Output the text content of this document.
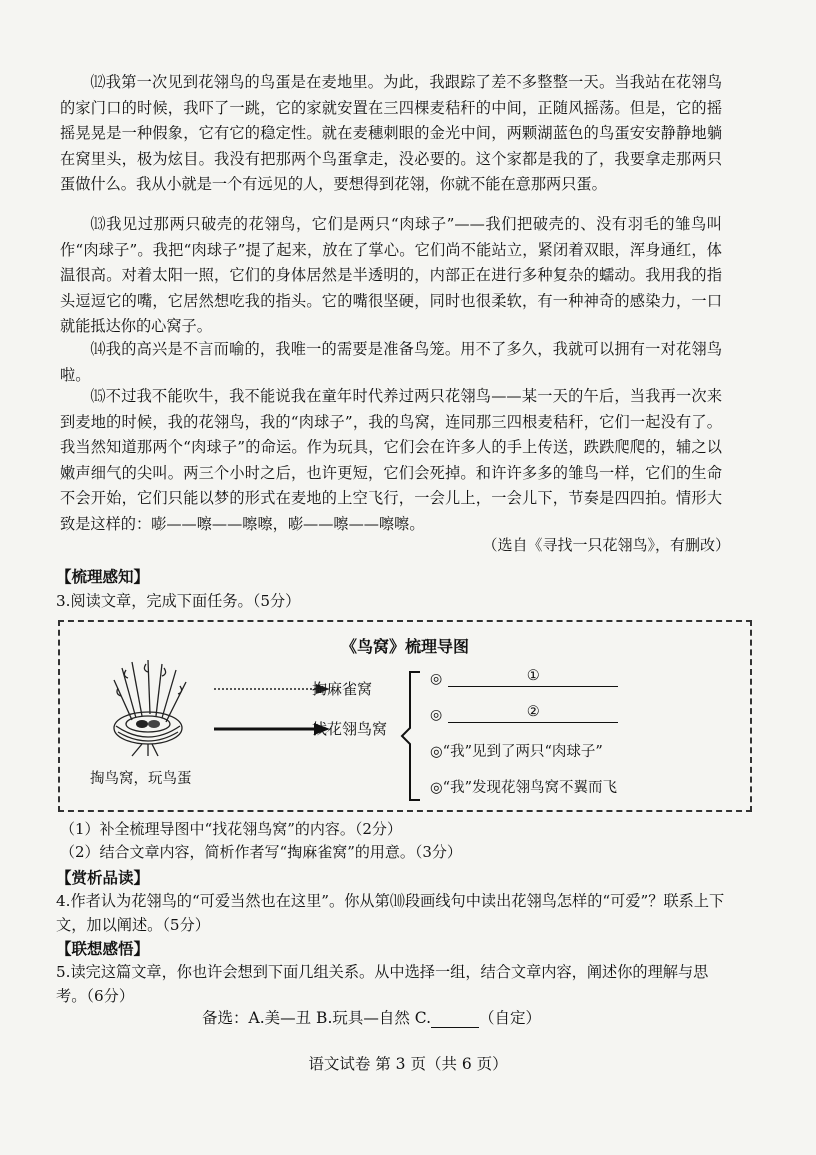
⑿我第一次见到花翎鸟的鸟蛋是在麦地里。为此，我跟踪了差不多整整一天。当我站在花翎鸟的家门口的时候，我吓了一跳，它的家就安置在三四棵麦秸秆的中间，正随风摇荡。但是，它的摇摇晃晃是一种假象，它有它的稳定性。就在麦穗刺眼的金光中间，两颗湖蓝色的鸟蛋安安静静地躺在窝里头，极为炫目。我没有把那两个鸟蛋拿走，没必要的。这个家都是我的了，我要拿走那两只蛋做什么。我从小就是一个有远见的人，要想得到花翎，你就不能在意那两只蛋。

⒀我见过那两只破壳的花翎鸟，它们是两只“肉球子”——我们把破壳的、没有羽毛的雏鸟叫作“肉球子”。我把“肉球子”提了起来，放在了掌心。它们尚不能站立，紧闭着双眼，浑身通红，体温很高。对着太阳一照，它们的身体居然是半透明的，内部正在进行多种复杂的蠕动。我用我的指头逗逗它的嘴，它居然想吃我的指头。它的嘴很坚硬，同时也很柔软，有一种神奇的感染力，一口就能抵达你的心窝子。

⒁我的高兴是不言而喻的，我唯一的需要是准备鸟笼。用不了多久，我就可以拥有一对花翎鸟啦。

⒂不过我不能吹牛，我不能说我在童年时代养过两只花翎鸟——某一天的午后，当我再一次来到麦地的时候，我的花翎鸟，我的“肉球子”，我的鸟窝，连同那三四根麦秸秆，它们一起没有了。我当然知道那两个“肉球子”的命运。作为玩具，它们会在许多人的手上传送，跌跌爬爬的，辅之以嫩声细气的尖叫。两三个小时之后，也许更短，它们会死掉。和许许多多的雏鸟一样，它们的生命不会开始，它们只能以梦的形式在麦地的上空飞行，一会儿上，一会儿下，节奏是四四拍。情形大致是这样的：嘭——嚓——嚓嚓，嘭——嚓——嚓嚓。

（选自《寻找一只花翎鸟》，有删改）
【梳理感知】
3.阅读文章，完成下面任务。（5分）
《鸟窝》梳理导图
掏鸟窝，玩鸟蛋
掏麻雀窝
找花翎鸟窝
◎	①
◎	②
◎“我”见到了两只“肉球子”
◎“我”发现花翎鸟窝不翼而飞
（1）补全梳理导图中“找花翎鸟窝”的内容。（2分）
（2）结合文章内容，简析作者写“掏麻雀窝”的用意。（3分）
【赏析品读】
4.作者认为花翎鸟的“可爱当然也在这里”。你从第⑽段画线句中读出花翎鸟怎样的“可爱”？联系上下文，加以阐述。（5分）
【联想感悟】
5.读完这篇文章，你也许会想到下面几组关系。从中选择一组，结合文章内容，阐述你的理解与思考。（6分）
备选：A.美—丑 B.玩具—自然 C.	（自定）
语文试卷 第 3 页（共 6 页）
